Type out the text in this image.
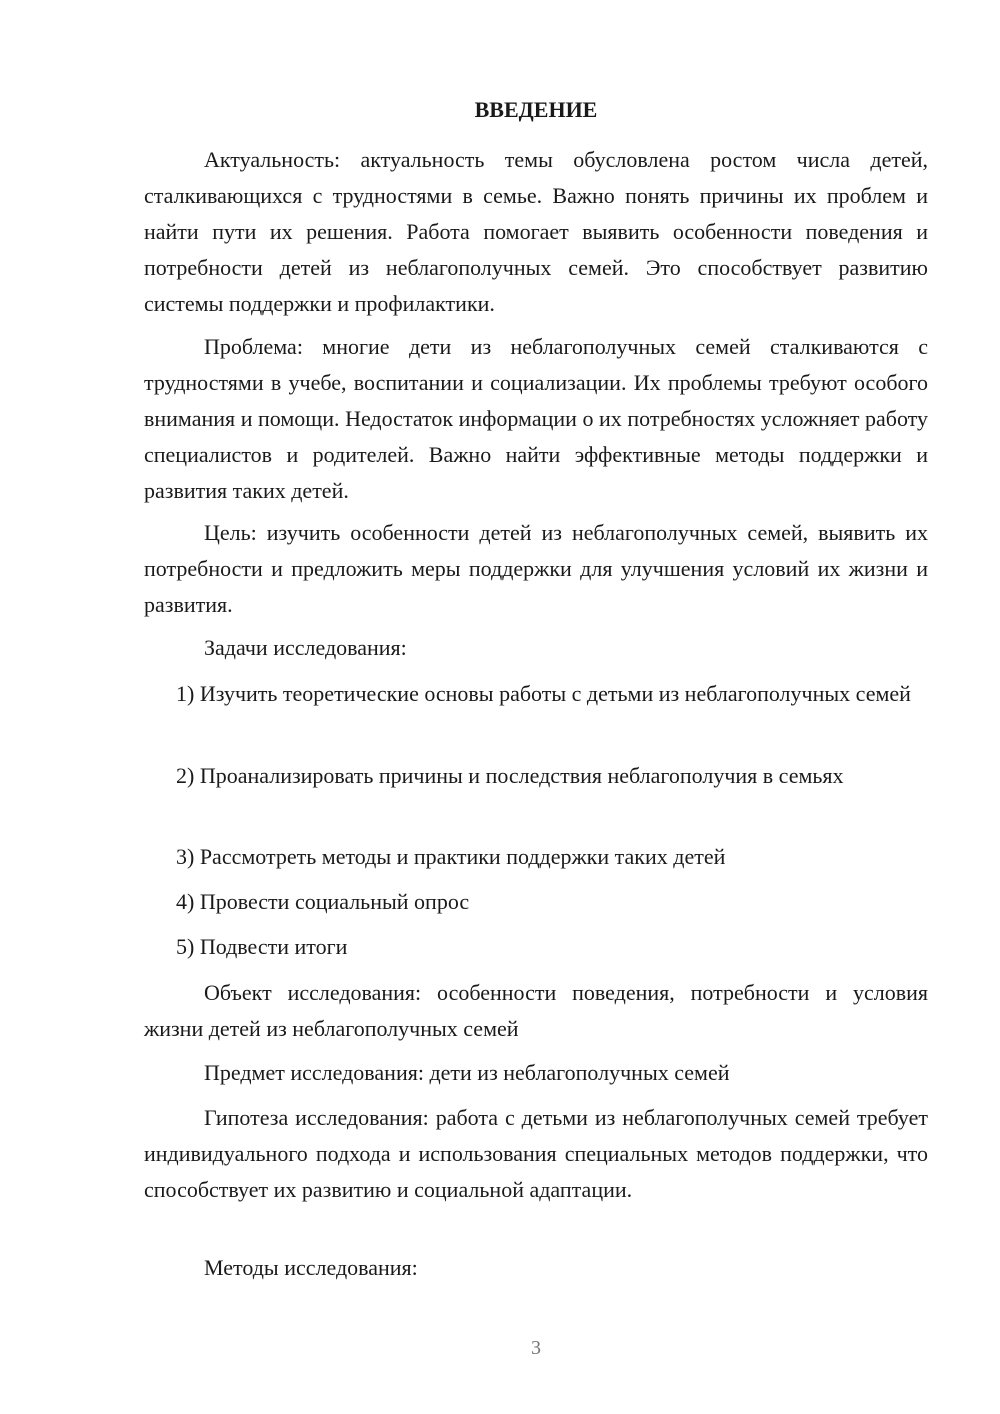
ВВЕДЕНИЕ

Актуальность: актуальность темы обусловлена ростом числа детей, сталкивающихся с трудностями в семье. Важно понять причины их проблем и найти пути их решения. Работа помогает выявить особенности поведения и потребности детей из неблагополучных семей. Это способствует развитию системы поддержки и профилактики.

Проблема: многие дети из неблагополучных семей сталкиваются с трудностями в учебе, воспитании и социализации. Их проблемы требуют особого внимания и помощи. Недостаток информации о их потребностях усложняет работу специалистов и родителей. Важно найти эффективные методы поддержки и развития таких детей.

Цель: изучить особенности детей из неблагополучных семей, выявить их потребности и предложить меры поддержки для улучшения условий их жизни и развития.

Задачи исследования:

1) Изучить теоретические основы работы с детьми из неблагополучных семей

2) Проанализировать причины и последствия неблагополучия в семьях

3) Рассмотреть методы и практики поддержки таких детей

4) Провести социальный опрос

5) Подвести итоги

Объект исследования: особенности поведения, потребности и условия жизни детей из неблагополучных семей

Предмет исследования: дети из неблагополучных семей

Гипотеза исследования: работа с детьми из неблагополучных семей требует индивидуального подхода и использования специальных методов поддержки, что способствует их развитию и социальной адаптации.

Методы исследования:

3
